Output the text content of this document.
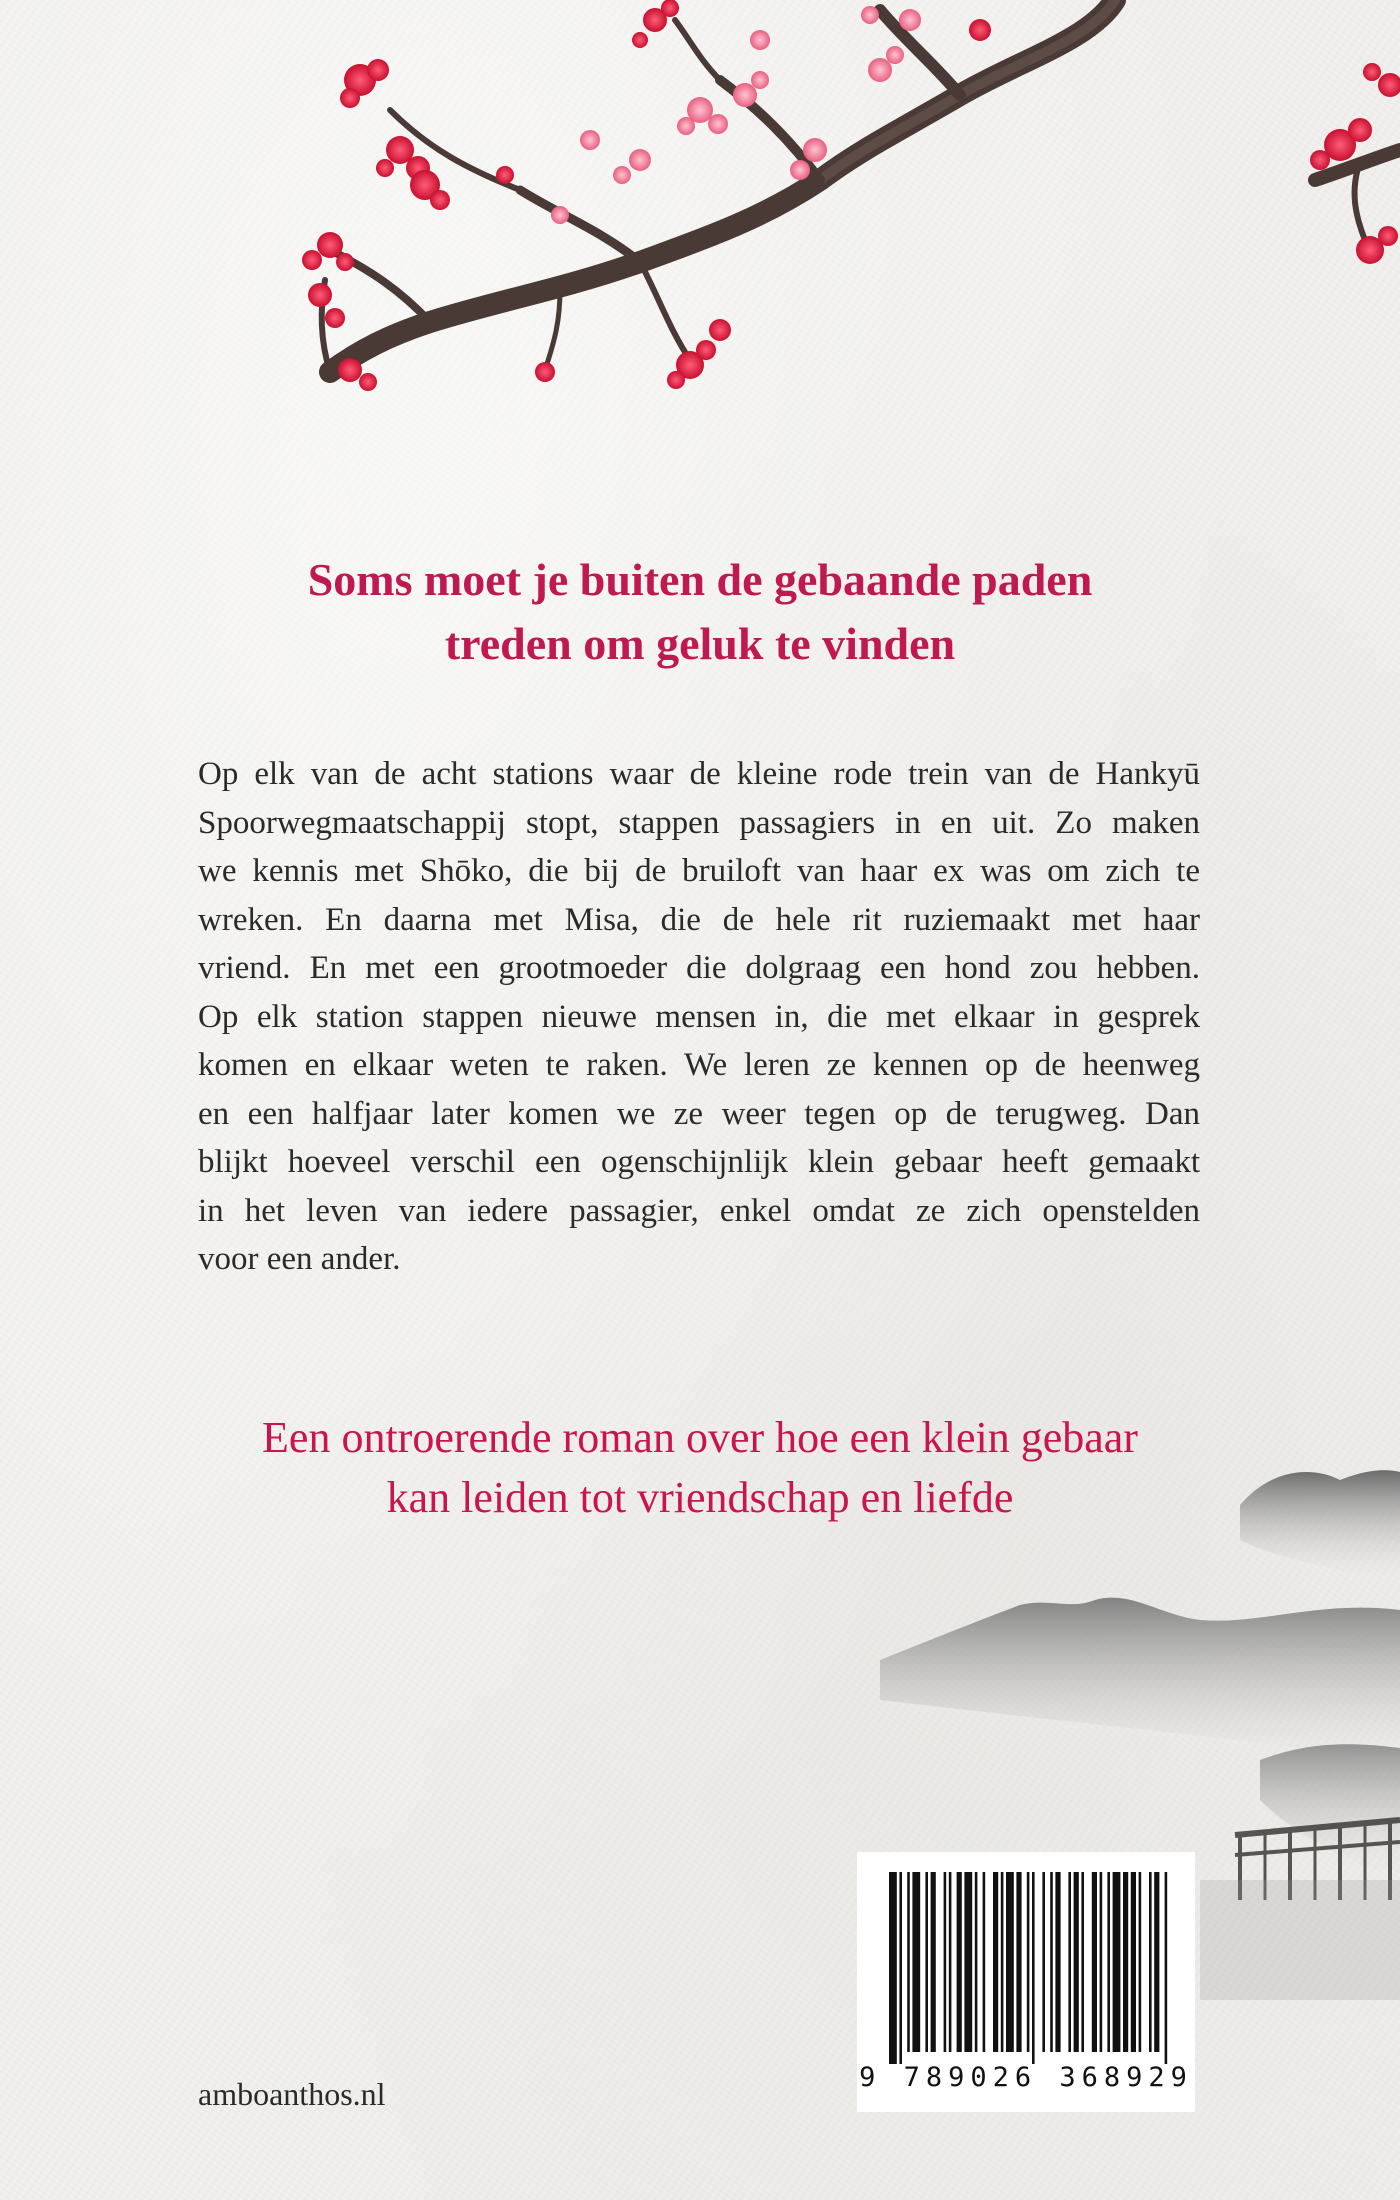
Soms moet je buiten de gebaande paden
treden om geluk te vinden

Op elk van de acht stations waar de kleine rode trein van de Hankyū
Spoorwegmaatschappij stopt, stappen passagiers in en uit. Zo maken
we kennis met Shōko, die bij de bruiloft van haar ex was om zich te
wreken. En daarna met Misa, die de hele rit ruziemaakt met haar
vriend. En met een grootmoeder die dolgraag een hond zou hebben.
Op elk station stappen nieuwe mensen in, die met elkaar in gesprek
komen en elkaar weten te raken. We leren ze kennen op de heenweg
en een halfjaar later komen we ze weer tegen op de terugweg. Dan
blijkt hoeveel verschil een ogenschijnlijk klein gebaar heeft gemaakt
in het leven van iedere passagier, enkel omdat ze zich openstelden
voor een ander.

Een ontroerende roman over hoe een klein gebaar
kan leiden tot vriendschap en liefde

amboanthos.nl	9 789026 368929
